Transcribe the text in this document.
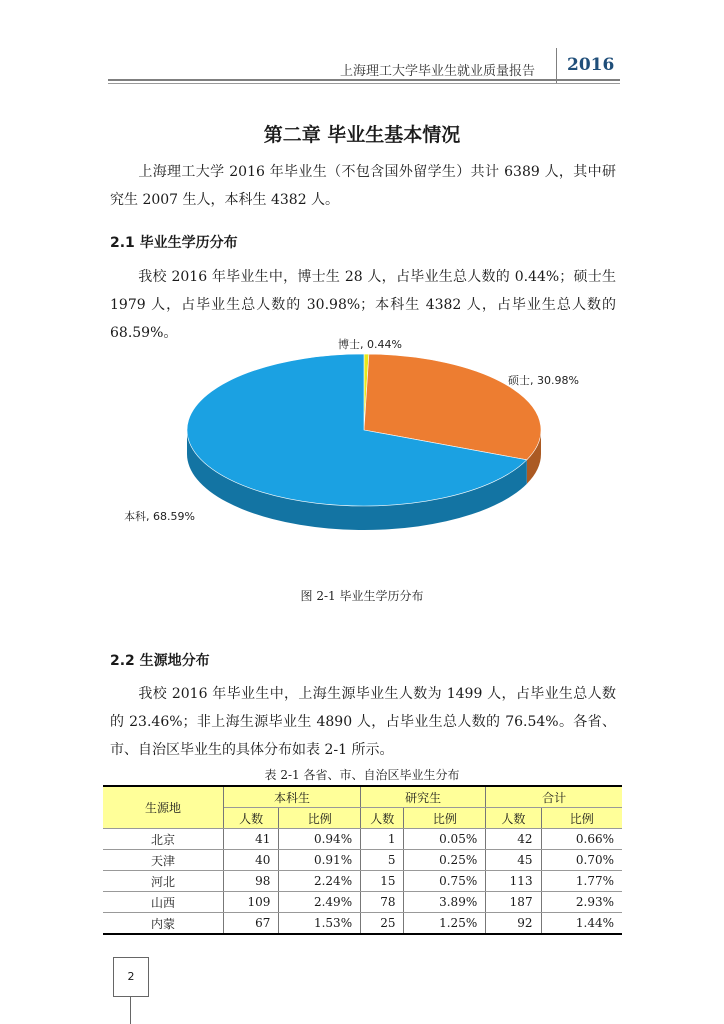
上海理工大学毕业生就业质量报告 2016
第二章 毕业生基本情况
上海理工大学 2016 年毕业生（不包含国外留学生）共计 6389 人，其中研究生 2007 生人，本科生 4382 人。
2.1 毕业生学历分布
我校 2016 年毕业生中，博士生 28 人，占毕业生总人数的 0.44%；硕士生 1979 人，占毕业生总人数的 30.98%；本科生 4382 人，占毕业生总人数的 68.59%。
博士, 0.44%
硕士, 30.98%
本科, 68.59%
图 2-1 毕业生学历分布
2.2 生源地分布
我校 2016 年毕业生中，上海生源毕业生人数为 1499 人，占毕业生总人数的 23.46%；非上海生源毕业生 4890 人，占毕业生总人数的 76.54%。各省、市、自治区毕业生的具体分布如表 2-1 所示。
表 2-1 各省、市、自治区毕业生分布
生源地	本科生		研究生		合计	
	人数	比例	人数	比例	人数	比例
北京	41	0.94%	1	0.05%	42	0.66%
天津	40	0.91%	5	0.25%	45	0.70%
河北	98	2.24%	15	0.75%	113	1.77%
山西	109	2.49%	78	3.89%	187	2.93%
内蒙	67	1.53%	25	1.25%	92	1.44%
2
